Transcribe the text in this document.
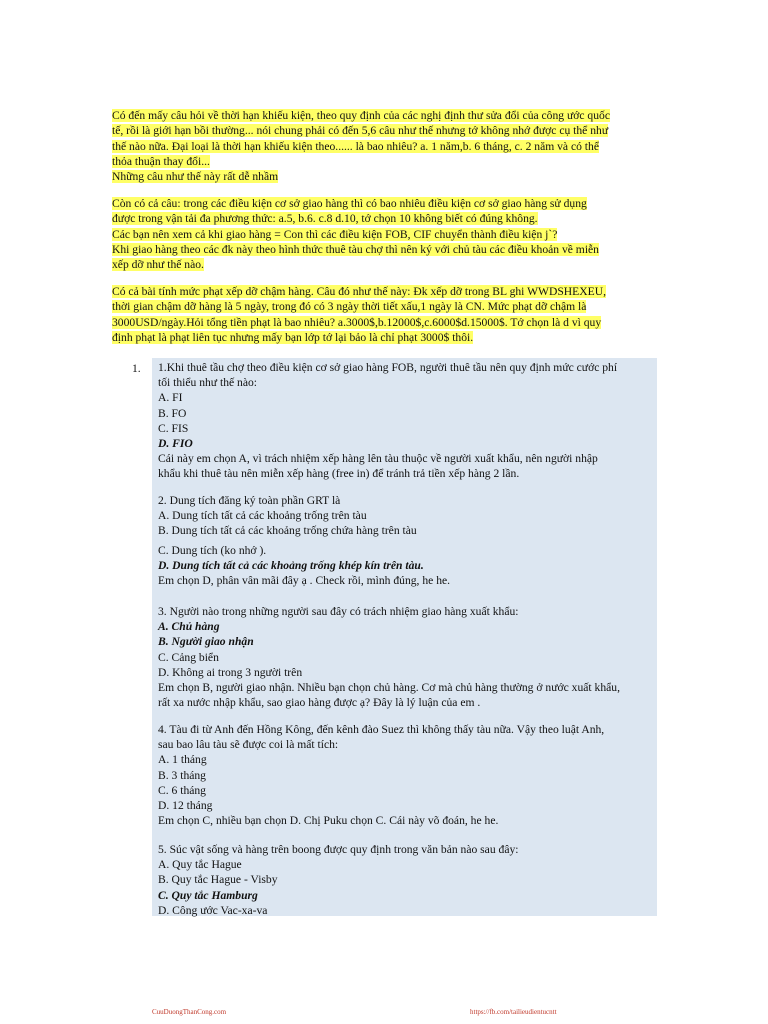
Có đến mấy câu hỏi về thời hạn khiếu kiện, theo quy định của các nghị định thư sửa đổi của công ước quốc
tế, rồi là giới hạn bồi thường... nói chung phải có đến 5,6 câu như thế nhưng tớ không nhớ được cụ thể như
thế nào nữa. Đại loại là thời hạn khiếu kiện theo...... là bao nhiêu? a. 1 năm,b. 6 tháng, c. 2 năm và có thể
thỏa thuận thay đổi...
Những câu như thế này rất dễ nhầm
Còn có cả câu: trong các điều kiện cơ sở giao hàng thì có bao nhiêu điều kiện cơ sở giao hàng sử dụng
được trong vận tải đa phương thức: a.5, b.6. c.8 d.10, tớ chọn 10 không biết có đúng không.
Các bạn nên xem cả khi giao hàng = Con thì các điều kiện FOB, CIF chuyển thành điều kiện j`?
Khi giao hàng theo các đk này theo hình thức thuê tàu chợ thì nên ký với chủ tàu các điều khoản về miễn
xếp dỡ như thế nào.
Có cả bài tính mức phạt xếp dỡ chậm hàng. Câu đó như thế này: Đk xếp dỡ trong BL ghi WWDSHEXEU,
thời gian chậm dỡ hàng là 5 ngày, trong đó có 3 ngày thời tiết xấu,1 ngày là CN. Mức phạt dỡ chậm là
3000USD/ngày.Hỏi tổng tiền phạt là bao nhiêu? a.3000$,b.12000$,c.6000$d.15000$. Tớ chọn là d vì quy
định phạt là phạt liên tục nhưng mấy bạn lớp tớ lại bảo là chỉ phạt 3000$ thôi.
1. 1.Khi thuê tầu chợ theo điều kiện cơ sở giao hàng FOB, người thuê tầu nên quy định mức cước phí
tối thiểu như thế nào:
A. FI
B. FO
C. FIS
D. FIO
Cái này em chọn A, vì trách nhiệm xếp hàng lên tàu thuộc về người xuất khẩu, nên người nhập
khẩu khi thuê tàu nên miễn xếp hàng (free in) để tránh trả tiền xếp hàng 2 lần.
2. Dung tích đăng ký toàn phần GRT là
A. Dung tích tất cả các khoảng trống trên tàu
B. Dung tích tất cả các khoảng trống chứa hàng trên tàu
C. Dung tích (ko nhớ ).
D. Dung tích tất cả các khoảng trống khép kín trên tàu.
Em chọn D, phân vân mãi đây ạ . Check rồi, mình đúng, he he.
3. Người nào trong những người sau đây có trách nhiệm giao hàng xuất khẩu:
A. Chủ hàng
B. Người giao nhận
C. Cảng biển
D. Không ai trong 3 người trên
Em chọn B, người giao nhận. Nhiều bạn chọn chủ hàng. Cơ mà chủ hàng thường ở nước xuất khẩu,
rất xa nước nhập khẩu, sao giao hàng được ạ? Đây là lý luận của em .
4. Tàu đi từ Anh đến Hồng Kông, đến kênh đào Suez thì không thấy tàu nữa. Vậy theo luật Anh,
sau bao lâu tàu sẽ được coi là mất tích:
A. 1 tháng
B. 3 tháng
C. 6 tháng
D. 12 tháng
Em chọn C, nhiều bạn chọn D. Chị Puku chọn C. Cái này võ đoán, he he.
5. Súc vật sống và hàng trên boong được quy định trong văn bản nào sau đây:
A. Quy tắc Hague
B. Quy tắc Hague - Visby
C. Quy tắc Hamburg
D. Công ước Vac-xa-va
CuuDuongThanCong.com	https://fb.com/tailieudientucntt
